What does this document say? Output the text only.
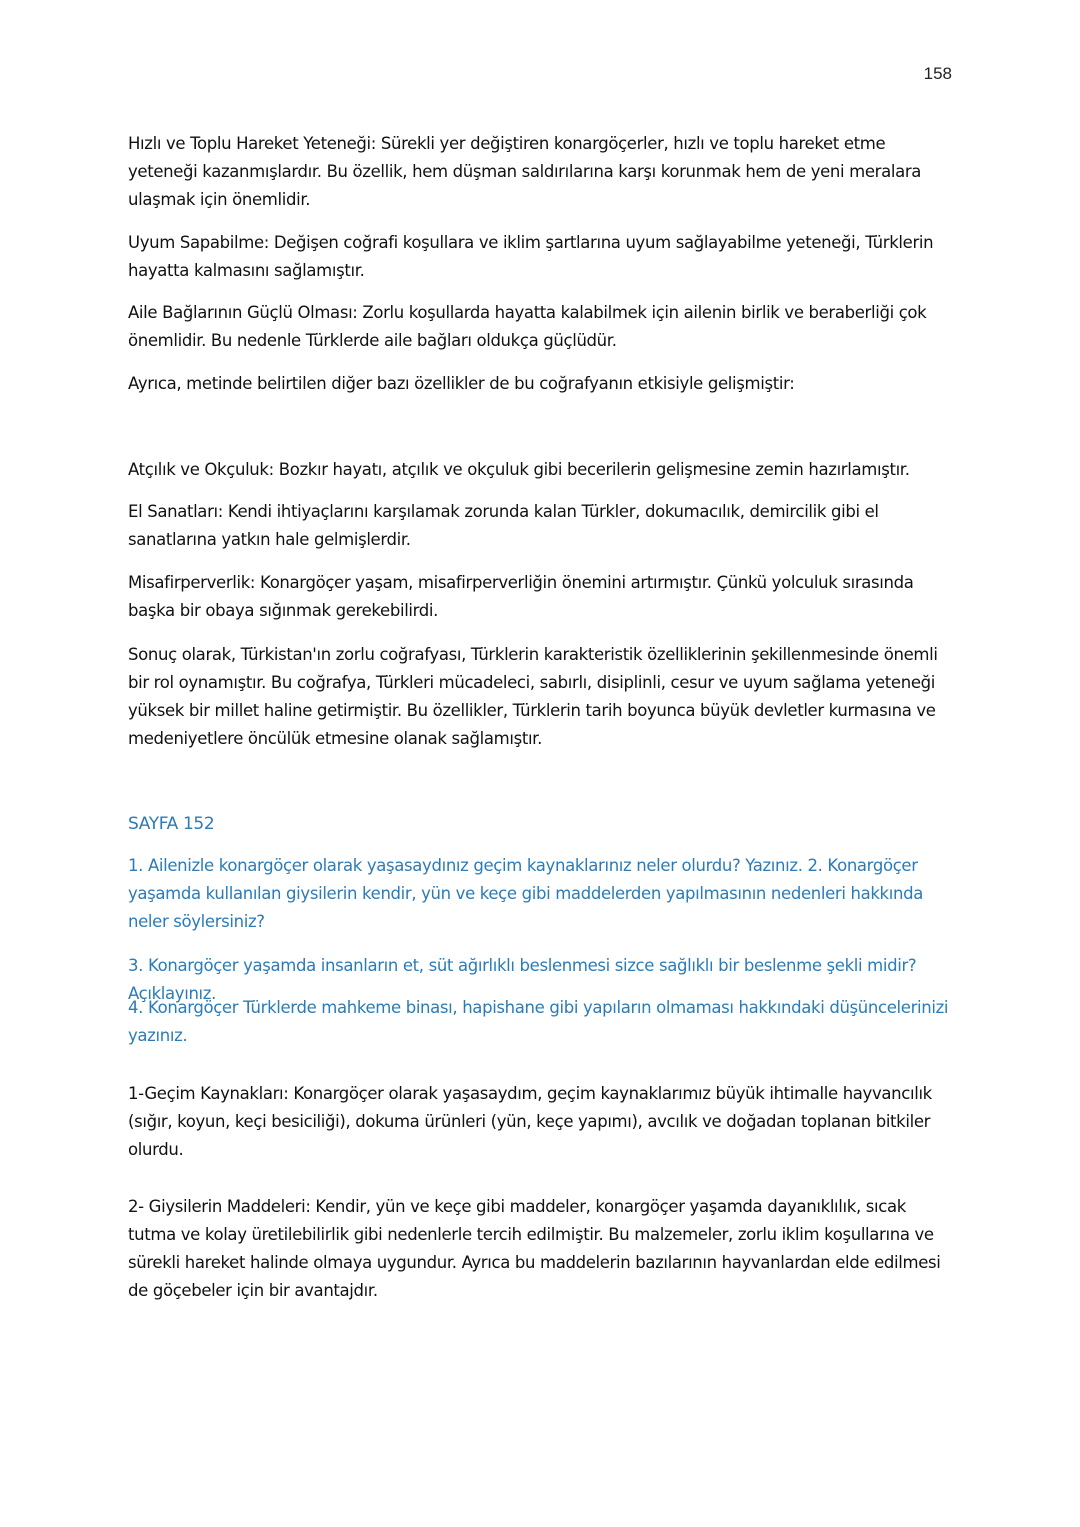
158

Hızlı ve Toplu Hareket Yeteneği: Sürekli yer değiştiren konargöçerler, hızlı ve toplu hareket etme yeteneği kazanmışlardır. Bu özellik, hem düşman saldırılarına karşı korunmak hem de yeni meralara ulaşmak için önemlidir.

Uyum Sapabilme: Değişen coğrafi koşullara ve iklim şartlarına uyum sağlayabilme yeteneği, Türklerin hayatta kalmasını sağlamıştır.

Aile Bağlarının Güçlü Olması: Zorlu koşullarda hayatta kalabilmek için ailenin birlik ve beraberliği çok önemlidir. Bu nedenle Türklerde aile bağları oldukça güçlüdür.

Ayrıca, metinde belirtilen diğer bazı özellikler de bu coğrafyanın etkisiyle gelişmiştir:

Atçılık ve Okçuluk: Bozkır hayatı, atçılık ve okçuluk gibi becerilerin gelişmesine zemin hazırlamıştır.

El Sanatları: Kendi ihtiyaçlarını karşılamak zorunda kalan Türkler, dokumacılık, demircilik gibi el sanatlarına yatkın hale gelmişlerdir.

Misafirperverlik: Konargöçer yaşam, misafirperverliğin önemini artırmıştır. Çünkü yolculuk sırasında başka bir obaya sığınmak gerekebilirdi.

Sonuç olarak, Türkistan'ın zorlu coğrafyası, Türklerin karakteristik özelliklerinin şekillenmesinde önemli bir rol oynamıştır. Bu coğrafya, Türkleri mücadeleci, sabırlı, disiplinli, cesur ve uyum sağlama yeteneği yüksek bir millet haline getirmiştir. Bu özellikler, Türklerin tarih boyunca büyük devletler kurmasına ve medeniyetlere öncülük etmesine olanak sağlamıştır.

SAYFA 152

1. Ailenizle konargöçer olarak yaşasaydınız geçim kaynaklarınız neler olurdu? Yazınız. 2. Konargöçer yaşamda kullanılan giysilerin kendir, yün ve keçe gibi maddelerden yapılmasının nedenleri hakkında neler söylersiniz?

3. Konargöçer yaşamda insanların et, süt ağırlıklı beslenmesi sizce sağlıklı bir beslenme şekli midir? Açıklayınız.

4. Konargöçer Türklerde mahkeme binası, hapishane gibi yapıların olmaması hakkındaki düşüncelerinizi yazınız.

1-Geçim Kaynakları: Konargöçer olarak yaşasaydım, geçim kaynaklarımız büyük ihtimalle hayvancılık (sığır, koyun, keçi besiciliği), dokuma ürünleri (yün, keçe yapımı), avcılık ve doğadan toplanan bitkiler olurdu.

2- Giysilerin Maddeleri: Kendir, yün ve keçe gibi maddeler, konargöçer yaşamda dayanıklılık, sıcak tutma ve kolay üretilebilirlik gibi nedenlerle tercih edilmiştir. Bu malzemeler, zorlu iklim koşullarına ve sürekli hareket halinde olmaya uygundur. Ayrıca bu maddelerin bazılarının hayvanlardan elde edilmesi de göçebeler için bir avantajdır.
